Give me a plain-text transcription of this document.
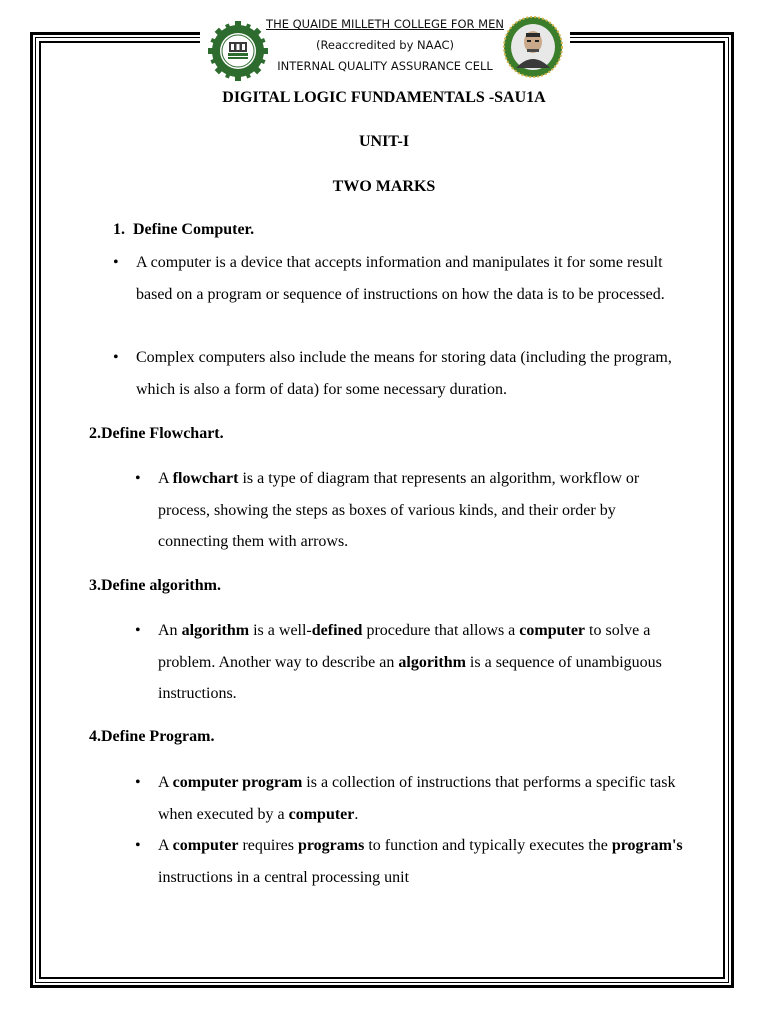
THE QUAIDE MILLETH COLLEGE FOR MEN
(Reaccredited by NAAC)
INTERNAL QUALITY ASSURANCE CELL
DIGITAL LOGIC FUNDAMENTALS -SAU1A
UNIT-I
TWO MARKS
1. Define Computer.
• A computer is a device that accepts information and manipulates it for some result based on a program or sequence of instructions on how the data is to be processed.
• Complex computers also include the means for storing data (including the program, which is also a form of data) for some necessary duration.
2.Define Flowchart.
• A flowchart is a type of diagram that represents an algorithm, workflow or process, showing the steps as boxes of various kinds, and their order by connecting them with arrows.
3.Define algorithm.
• An algorithm is a well-defined procedure that allows a computer to solve a problem. Another way to describe an algorithm is a sequence of unambiguous instructions.
4.Define Program.
• A computer program is a collection of instructions that performs a specific task when executed by a computer.
• A computer requires programs to function and typically executes the program's instructions in a central processing unit
